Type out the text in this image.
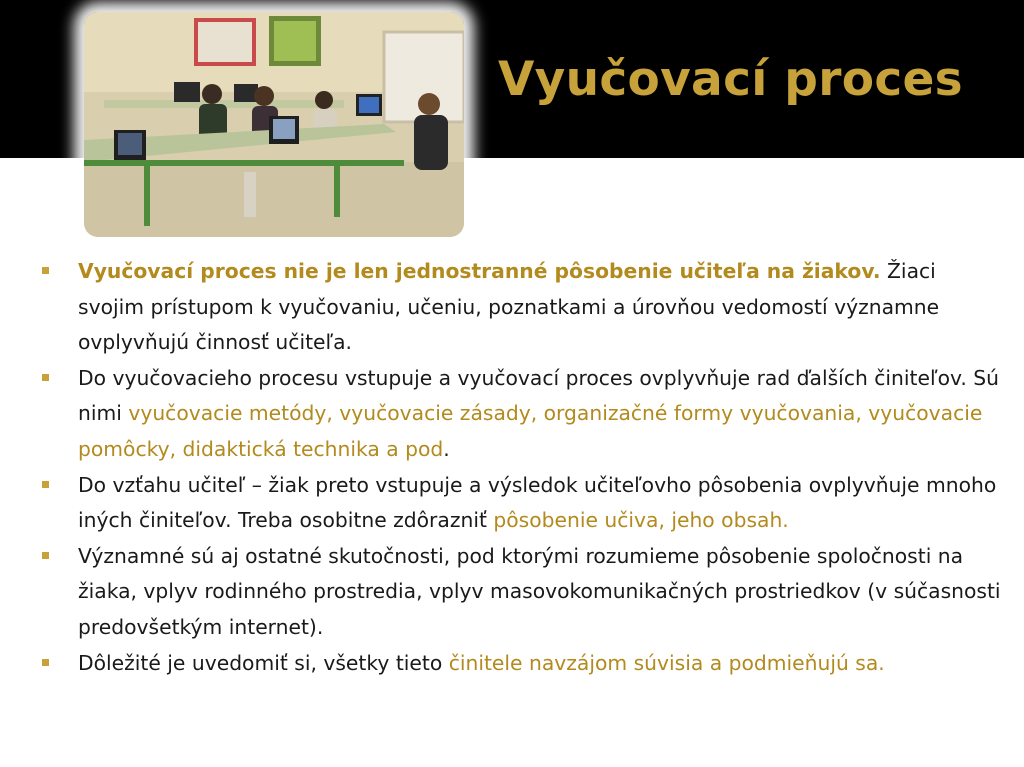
Vyučovací proces
Vyučovací proces nie je len jednostranné pôsobenie učiteľa na žiakov. Žiaci svojim prístupom k vyučovaniu, učeniu, poznatkami a úrovňou vedomostí významne ovplyvňujú činnosť učiteľa.
Do vyučovacieho procesu vstupuje a vyučovací proces ovplyvňuje rad ďalších činiteľov. Sú nimi vyučovacie metódy, vyučovacie zásady, organizačné formy vyučovania, vyučovacie pomôcky, didaktická technika a pod.
Do vzťahu učiteľ – žiak preto vstupuje a výsledok učiteľovho pôsobenia ovplyvňuje mnoho iných činiteľov. Treba osobitne zdôrazniť pôsobenie učiva, jeho obsah.
Významné sú aj ostatné skutočnosti, pod ktorými rozumieme pôsobenie spoločnosti na žiaka, vplyv rodinného prostredia, vplyv masovokomunikačných prostriedkov (v súčasnosti predovšetkým internet).
Dôležité je uvedomiť si, všetky tieto činitele navzájom súvisia a podmieňujú sa.
